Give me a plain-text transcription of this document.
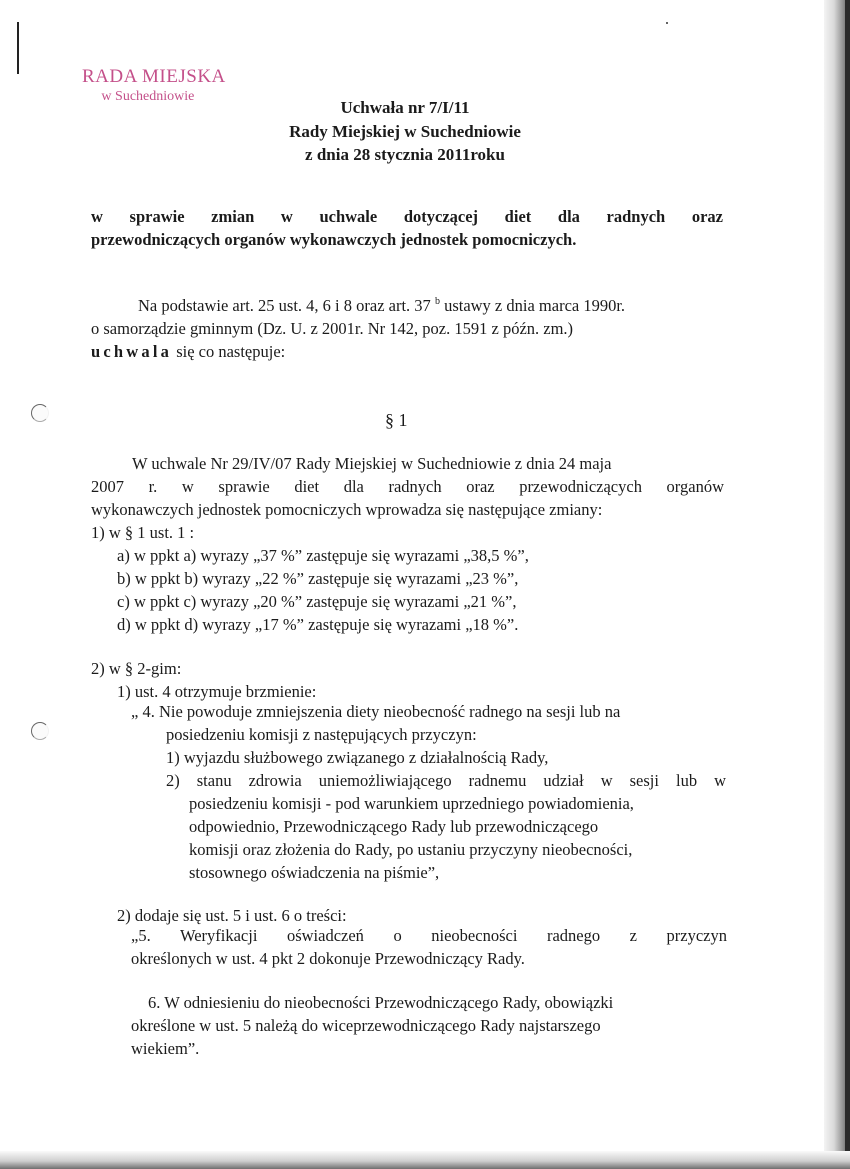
RADA MIEJSKA
w Suchedniowie
Uchwała nr 7/I/11
Rady Miejskiej w Suchedniowie
z dnia 28 stycznia 2011roku
w sprawie zmian w uchwale dotyczącej diet dla radnych oraz
przewodniczących organów wykonawczych jednostek pomocniczych.
Na podstawie art. 25 ust. 4, 6 i 8 oraz art. 37 $^b$ ustawy z dnia marca 1990r.
o samorządzie gminnym (Dz. U. z 2001r. Nr 142, poz. 1591 z późn. zm.)
uchwala się co następuje:
§ 1
W uchwale Nr 29/IV/07 Rady Miejskiej w Suchedniowie z dnia 24 maja
2007 r. w sprawie diet dla radnych oraz przewodniczących organów
wykonawczych jednostek pomocniczych wprowadza się następujące zmiany:
1) w § 1 ust. 1 :
a) w ppkt a) wyrazy „37 %” zastępuje się wyrazami „38,5 %”,
b) w ppkt b) wyrazy „22 %” zastępuje się wyrazami „23 %”,
c) w ppkt c) wyrazy „20 %” zastępuje się wyrazami „21 %”,
d) w ppkt d) wyrazy „17 %” zastępuje się wyrazami „18 %”.
2) w § 2-gim:
1) ust. 4 otrzymuje brzmienie:
„ 4. Nie powoduje zmniejszenia diety nieobecność radnego na sesji lub na
posiedzeniu komisji z następujących przyczyn:
1) wyjazdu służbowego związanego z działalnością Rady,
2) stanu zdrowia uniemożliwiającego radnemu udział w sesji lub w
posiedzeniu komisji - pod warunkiem uprzedniego powiadomienia,
odpowiednio, Przewodniczącego Rady lub przewodniczącego
komisji oraz złożenia do Rady, po ustaniu przyczyny nieobecności,
stosownego oświadczenia na piśmie”,
2) dodaje się ust. 5 i ust. 6 o treści:
„5. Weryfikacji oświadczeń o nieobecności radnego z przyczyn
określonych w ust. 4 pkt 2 dokonuje Przewodniczący Rady.
6. W odniesieniu do nieobecności Przewodniczącego Rady, obowiązki
określone w ust. 5 należą do wiceprzewodniczącego Rady najstarszego
wiekiem”.
